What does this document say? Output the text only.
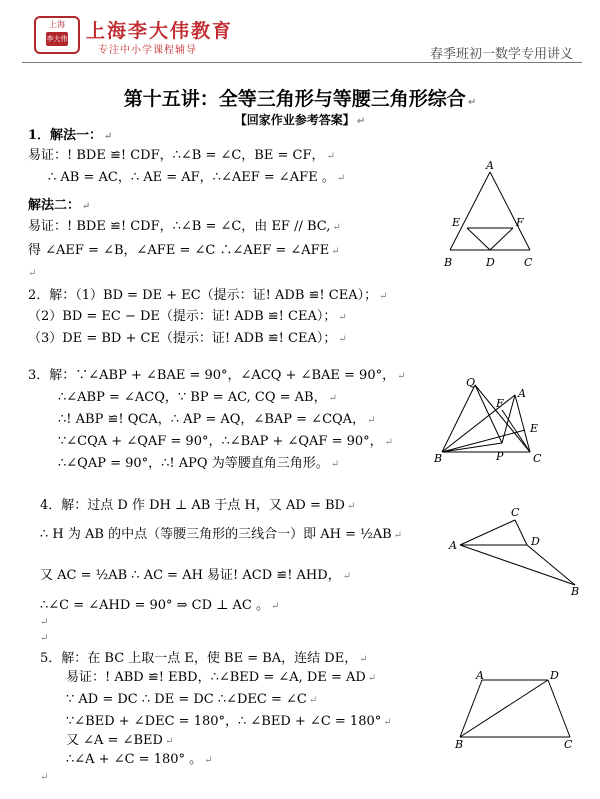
上海
李大伟 上海李大伟教育
专注中小学课程辅导	春季班初一数学专用讲义
第十五讲：全等三角形与等腰三角形综合 ↵
【回家作业参考答案】 ↵
1．解法一： ↵
易证：! BDE ≌! CDF，∴∠B = ∠C，BE = CF， ↵
∴ AB = AC，∴ AE = AF，∴∠AEF = ∠AFE 。 ↵
解法二： ↵
易证：! BDE ≌! CDF，∴∠B = ∠C，由 EF // BC, ↵
得 ∠AEF = ∠B，∠AFE = ∠C ∴∠AEF = ∠AFE ↵
↵
2．解：（1）BD = DE + EC（提示：证! ADB ≌! CEA）； ↵
（2）BD = EC − DE（提示：证! ADB ≌! CEA）； ↵
（3）DE = BD + CE（提示：证! ADB ≌! CEA）； ↵
3．解：∵∠ABP + ∠BAE = 90°，∠ACQ + ∠BAE = 90°， ↵
∴∠ABP = ∠ACQ，∵ BP = AC, CQ = AB， ↵
∴! ABP ≌! QCA，∴ AP = AQ，∠BAP = ∠CQA， ↵
∵∠CQA + ∠QAF = 90°，∴∠BAP + ∠QAF = 90°， ↵
∴∠QAP = 90°，∴! APQ 为等腰直角三角形。 ↵
4．解：过点 D 作 DH ⊥ AB 于点 H，又 AD = BD ↵
∴ H 为 AB 的中点（等腰三角形的三线合一）即 AH = ½AB ↵
又 AC = ½AB ∴ AC = AH 易证! ACD ≌! AHD， ↵
∴∠C = ∠AHD = 90° ⇒ CD ⊥ AC 。 ↵
↵
↵
5．解：在 BC 上取一点 E，使 BE = BA，连结 DE， ↵
易证：! ABD ≌! EBD，∴∠BED = ∠A, DE = AD ↵
∵ AD = DC ∴ DE = DC ∴∠DEC = ∠C ↵
∵∠BED + ∠DEC = 180°，∴ ∠BED + ∠C = 180° ↵
又 ∠A = ∠BED ↵
∴∠A + ∠C = 180° 。 ↵
↵
A
E	F
B	D	C
Q
A
F
E
B	P	C
C
A	D
B
A	D
B	C
